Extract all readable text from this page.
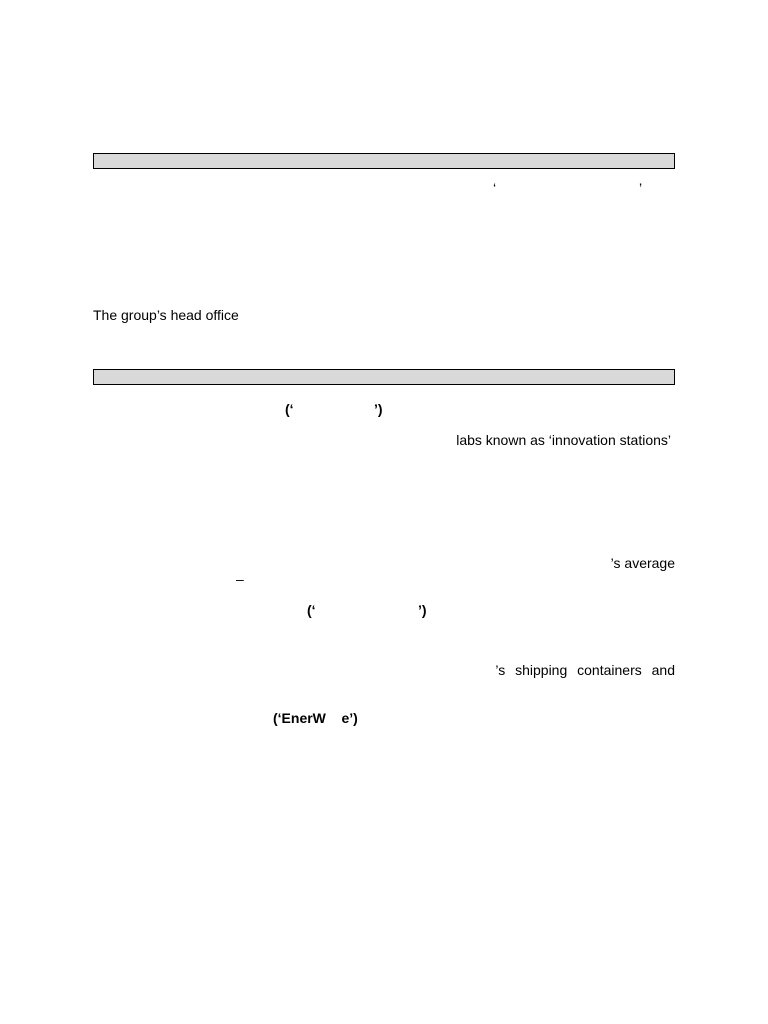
‘	’
The group’s head office
(‘	’)
labs known as ‘innovation stations’
’s average
–
(‘	’)
’s shipping containers and
(‘EnerW    e’)
